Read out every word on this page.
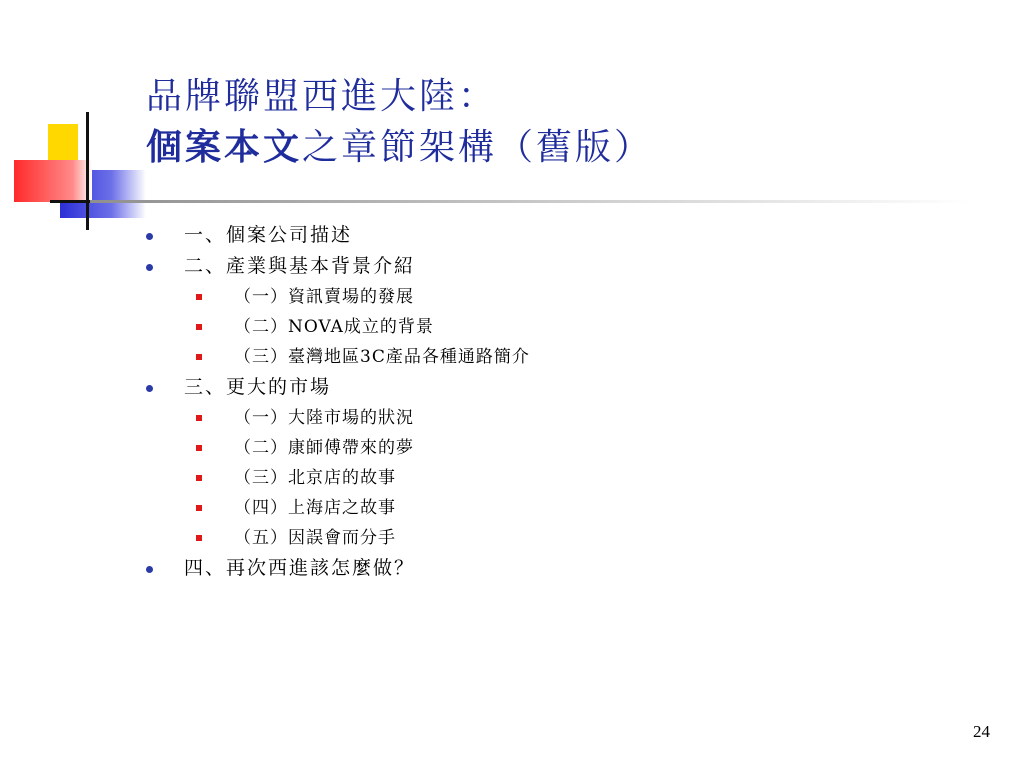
品牌聯盟西進大陸：
個案本文之章節架構（舊版）
一、個案公司描述
二、產業與基本背景介紹
（一）資訊賣場的發展
（二）NOVA成立的背景
（三）臺灣地區3C產品各種通路簡介
三、更大的市場
（一）大陸市場的狀況
（二）康師傅帶來的夢
（三）北京店的故事
（四）上海店之故事
（五）因誤會而分手
四、再次西進該怎麼做？
24
